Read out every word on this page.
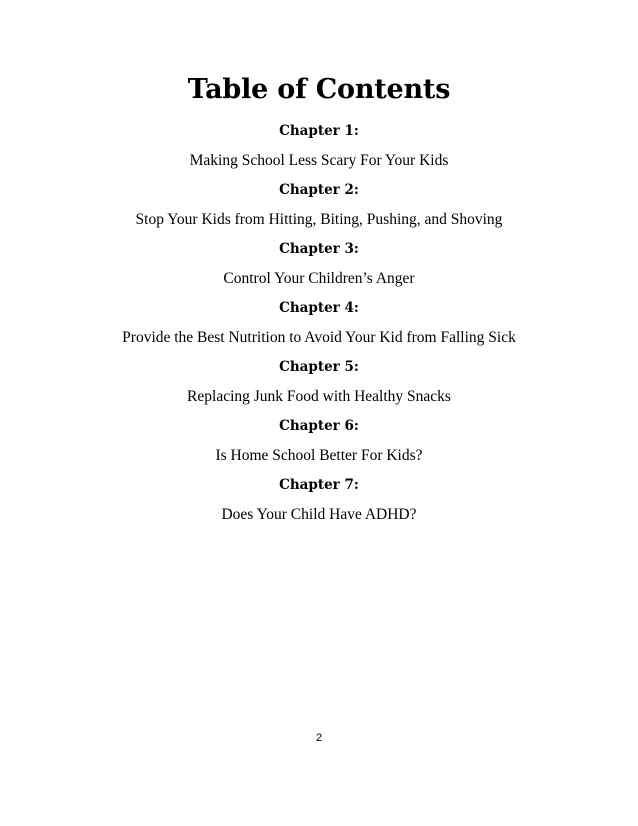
Table of Contents
Chapter 1:
Making School Less Scary For Your Kids
Chapter 2:
Stop Your Kids from Hitting, Biting, Pushing, and Shoving
Chapter 3:
Control Your Children’s Anger
Chapter 4:
Provide the Best Nutrition to Avoid Your Kid from Falling Sick
Chapter 5:
Replacing Junk Food with Healthy Snacks
Chapter 6:
Is Home School Better For Kids?
Chapter 7:
Does Your Child Have ADHD?
2
